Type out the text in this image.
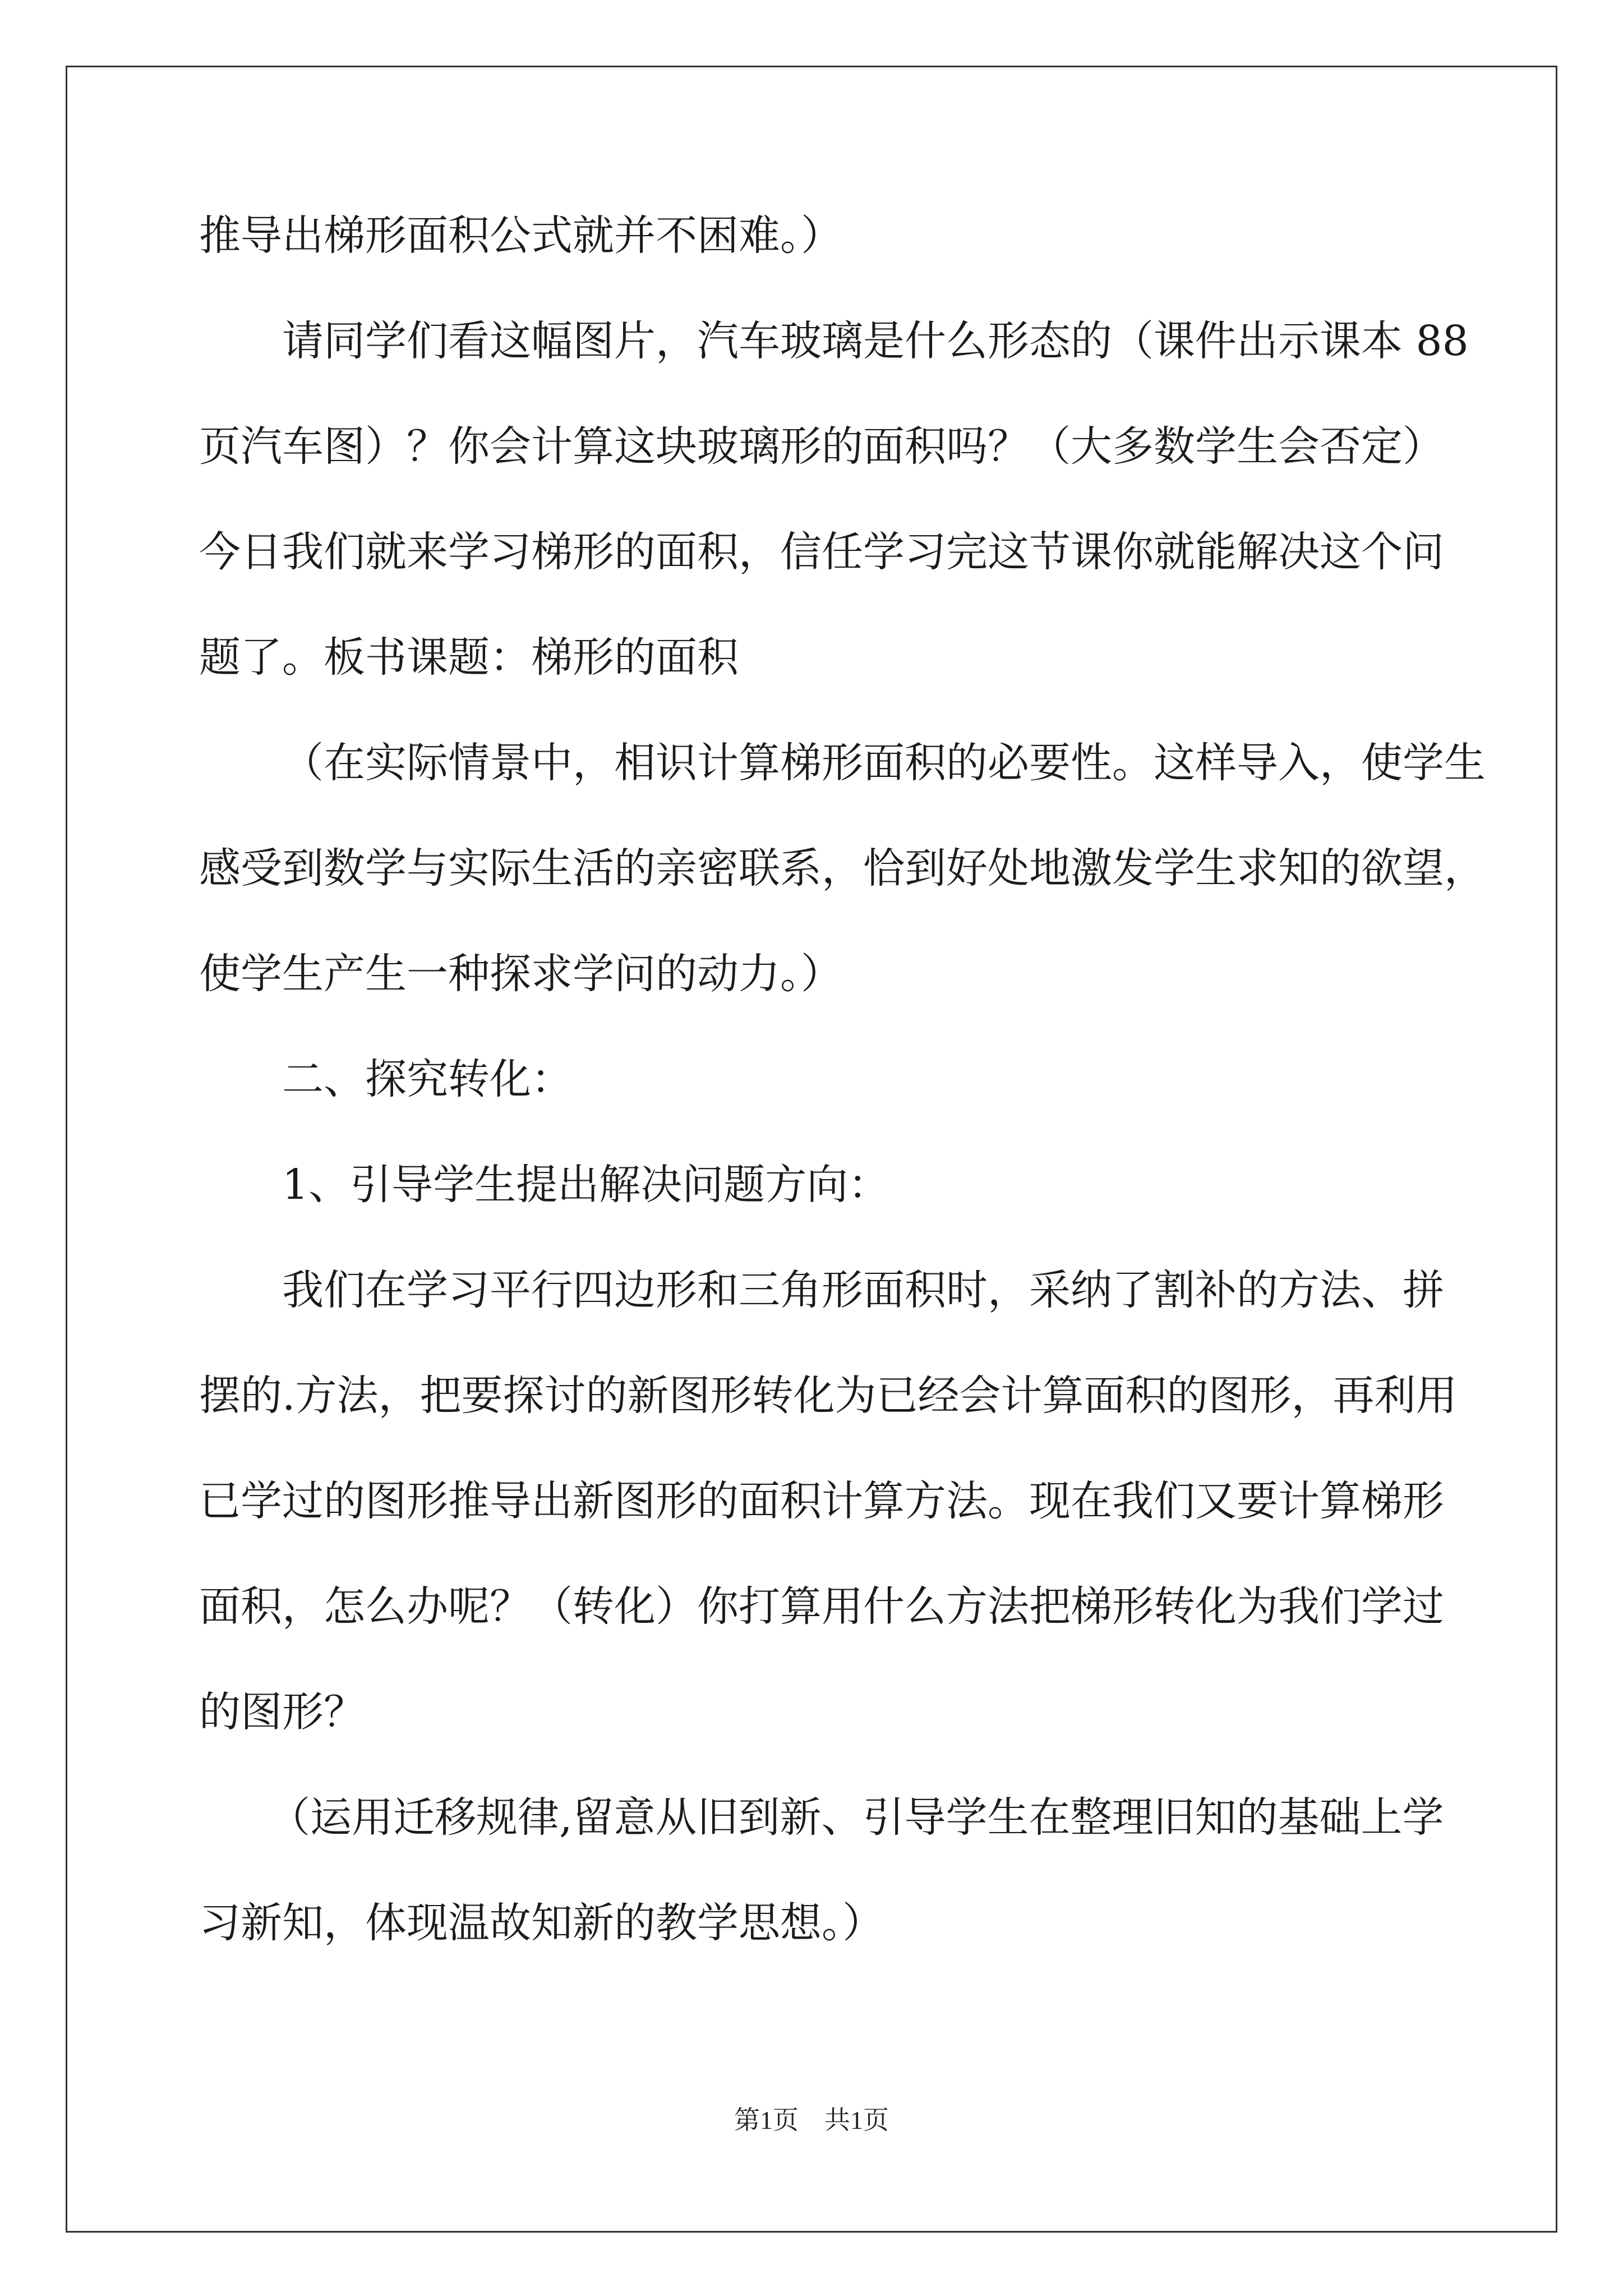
推导出梯形面积公式就并不困难。）

请同学们看这幅图片，汽车玻璃是什么形态的（课件出示课本 88

页汽车图）？你会计算这块玻璃形的面积吗？（大多数学生会否定）

今日我们就来学习梯形的面积，信任学习完这节课你就能解决这个问

题了。板书课题：梯形的面积

（在实际情景中，相识计算梯形面积的必要性。这样导入，使学生

感受到数学与实际生活的亲密联系，恰到好处地激发学生求知的欲望，

使学生产生一种探求学问的动力。）

二、探究转化：

1、引导学生提出解决问题方向：

我们在学习平行四边形和三角形面积时，采纳了割补的方法、拼

摆的.方法，把要探讨的新图形转化为已经会计算面积的图形，再利用

已学过的图形推导出新图形的面积计算方法。现在我们又要计算梯形

面积，怎么办呢？（转化）你打算用什么方法把梯形转化为我们学过

的图形？

（运用迁移规律,留意从旧到新、引导学生在整理旧知的基础上学

习新知，体现温故知新的教学思想。）

第1页　共1页
